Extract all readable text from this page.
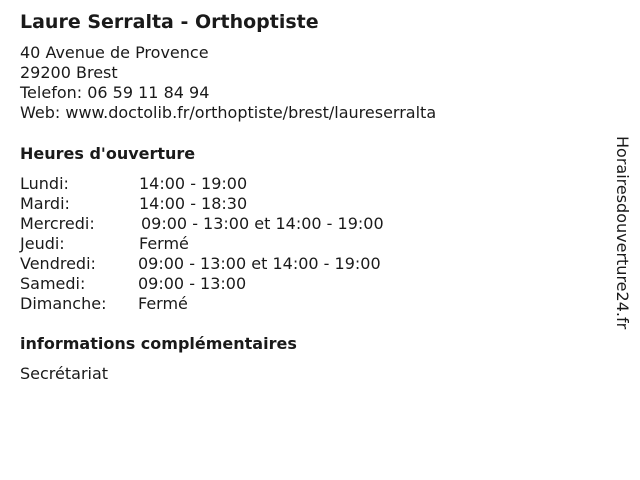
Laure Serralta - Orthoptiste
40 Avenue de Provence
29200 Brest
Telefon: 06 59 11 84 94
Web: www.doctolib.fr/orthoptiste/brest/laureserralta
Heures d'ouverture
Lundi:	14:00 - 19:00
Mardi:	14:00 - 18:30
Mercredi:	09:00 - 13:00 et 14:00 - 19:00
Jeudi:	Fermé
Vendredi:	09:00 - 13:00 et 14:00 - 19:00
Samedi:	09:00 - 13:00
Dimanche: Fermé
informations complémentaires
Secrétariat
Horairesdouverture24.fr
